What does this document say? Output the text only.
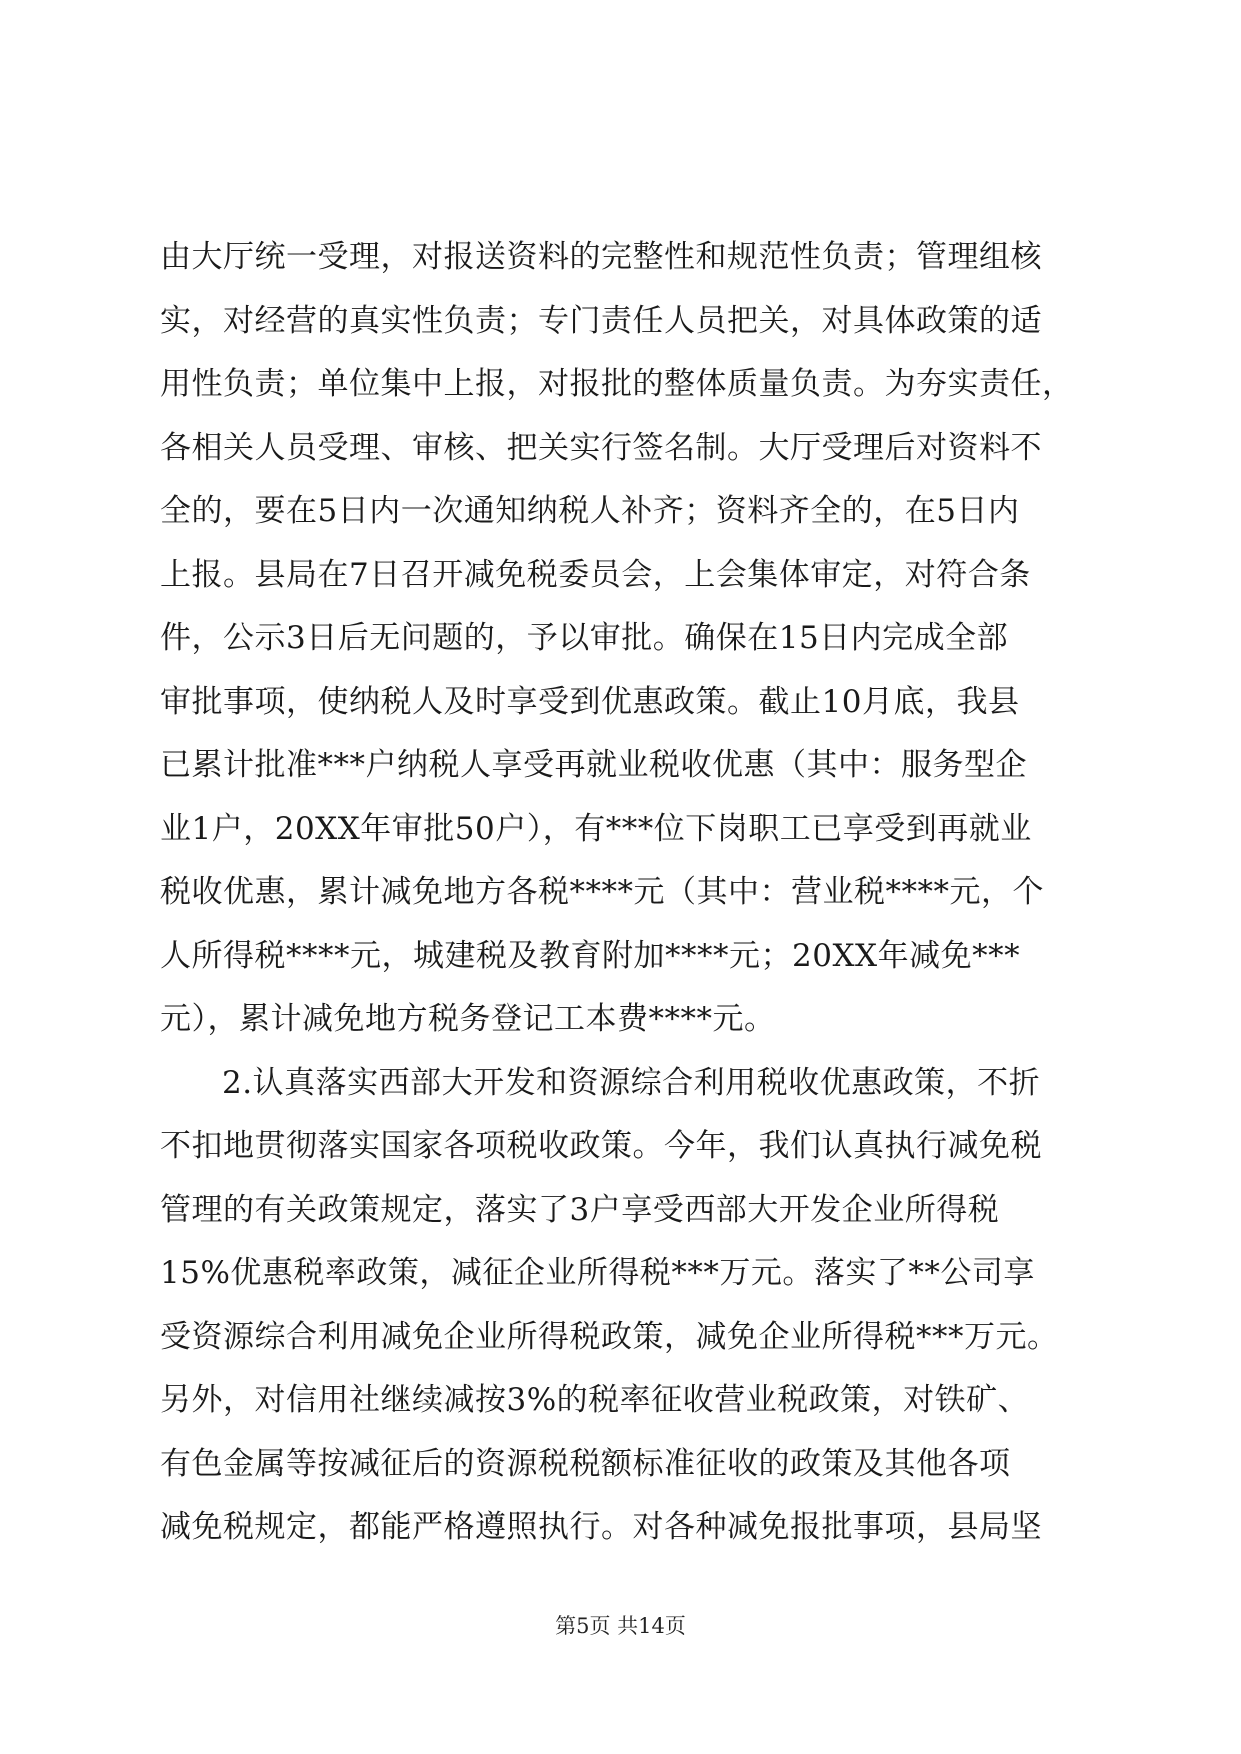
由大厅统一受理，对报送资料的完整性和规范性负责；管理组核
实，对经营的真实性负责；专门责任人员把关，对具体政策的适
用性负责；单位集中上报，对报批的整体质量负责。为夯实责任，
各相关人员受理、审核、把关实行签名制。大厅受理后对资料不
全的，要在5日内一次通知纳税人补齐；资料齐全的，在5日内
上报。县局在7日召开减免税委员会，上会集体审定，对符合条
件，公示3日后无问题的，予以审批。确保在15日内完成全部
审批事项，使纳税人及时享受到优惠政策。截止10月底，我县
已累计批准***户纳税人享受再就业税收优惠（其中：服务型企
业1户，20XX年审批50户），有***位下岗职工已享受到再就业
税收优惠，累计减免地方各税****元（其中：营业税****元，个
人所得税****元，城建税及教育附加****元；20XX年减免***
元），累计减免地方税务登记工本费****元。
2.认真落实西部大开发和资源综合利用税收优惠政策，不折
不扣地贯彻落实国家各项税收政策。今年，我们认真执行减免税
管理的有关政策规定，落实了3户享受西部大开发企业所得税
15%优惠税率政策，减征企业所得税***万元。落实了**公司享
受资源综合利用减免企业所得税政策，减免企业所得税***万元。
另外，对信用社继续减按3%的税率征收营业税政策，对铁矿、
有色金属等按减征后的资源税税额标准征收的政策及其他各项
减免税规定，都能严格遵照执行。对各种减免报批事项，县局坚
第5页 共14页
